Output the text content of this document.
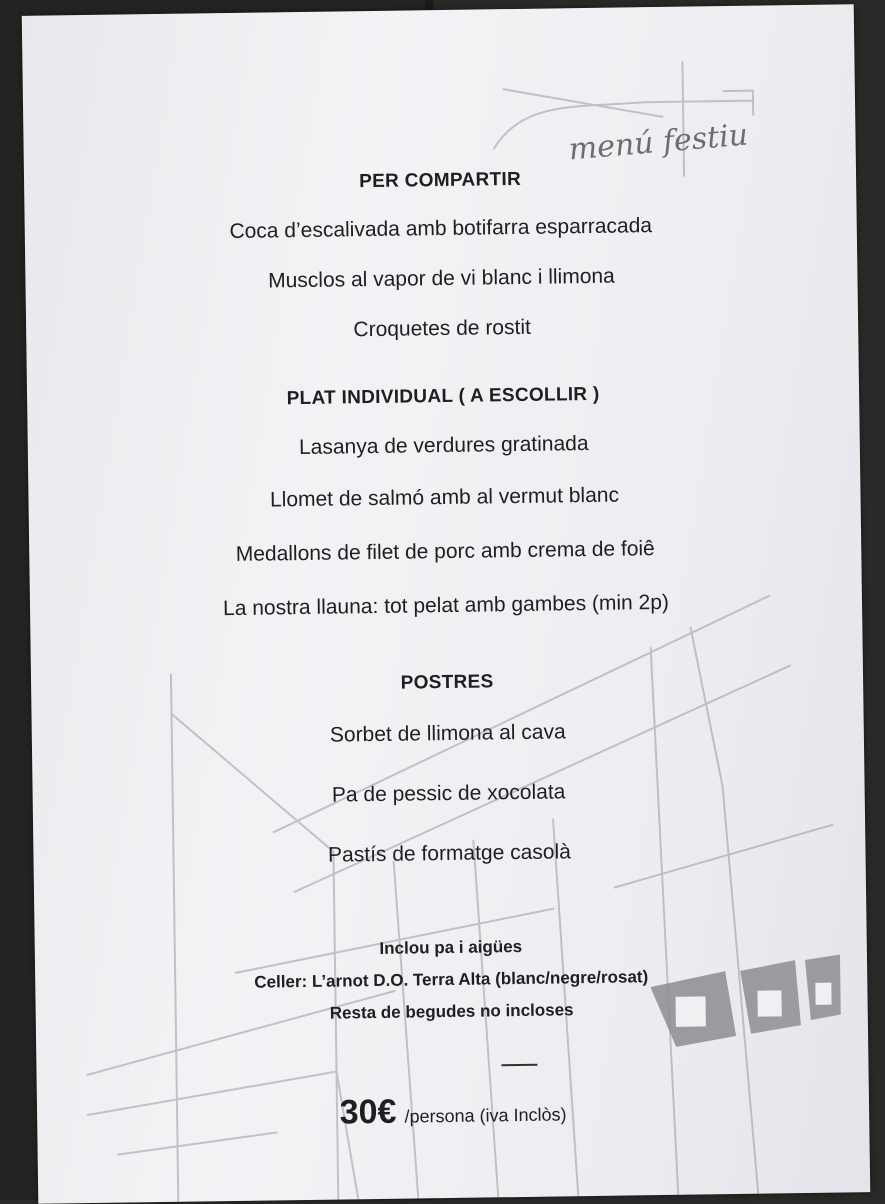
menú festiu
PER COMPARTIR
Coca d’escalivada amb botifarra esparracada
Musclos al vapor de vi blanc i llimona
Croquetes de rostit
PLAT INDIVIDUAL ( A ESCOLLIR )
Lasanya de verdures gratinada
Llomet de salmó amb al vermut blanc
Medallons de filet de porc amb crema de foiê
La nostra llauna: tot pelat amb gambes (min 2p)
POSTRES
Sorbet de llimona al cava
Pa de pessic de xocolata
Pastís de formatge casolà
Inclou pa i aigües
Celler: L’arnot D.O. Terra Alta (blanc/negre/rosat)
Resta de begudes no incloses
30€ /persona (iva Inclòs)
